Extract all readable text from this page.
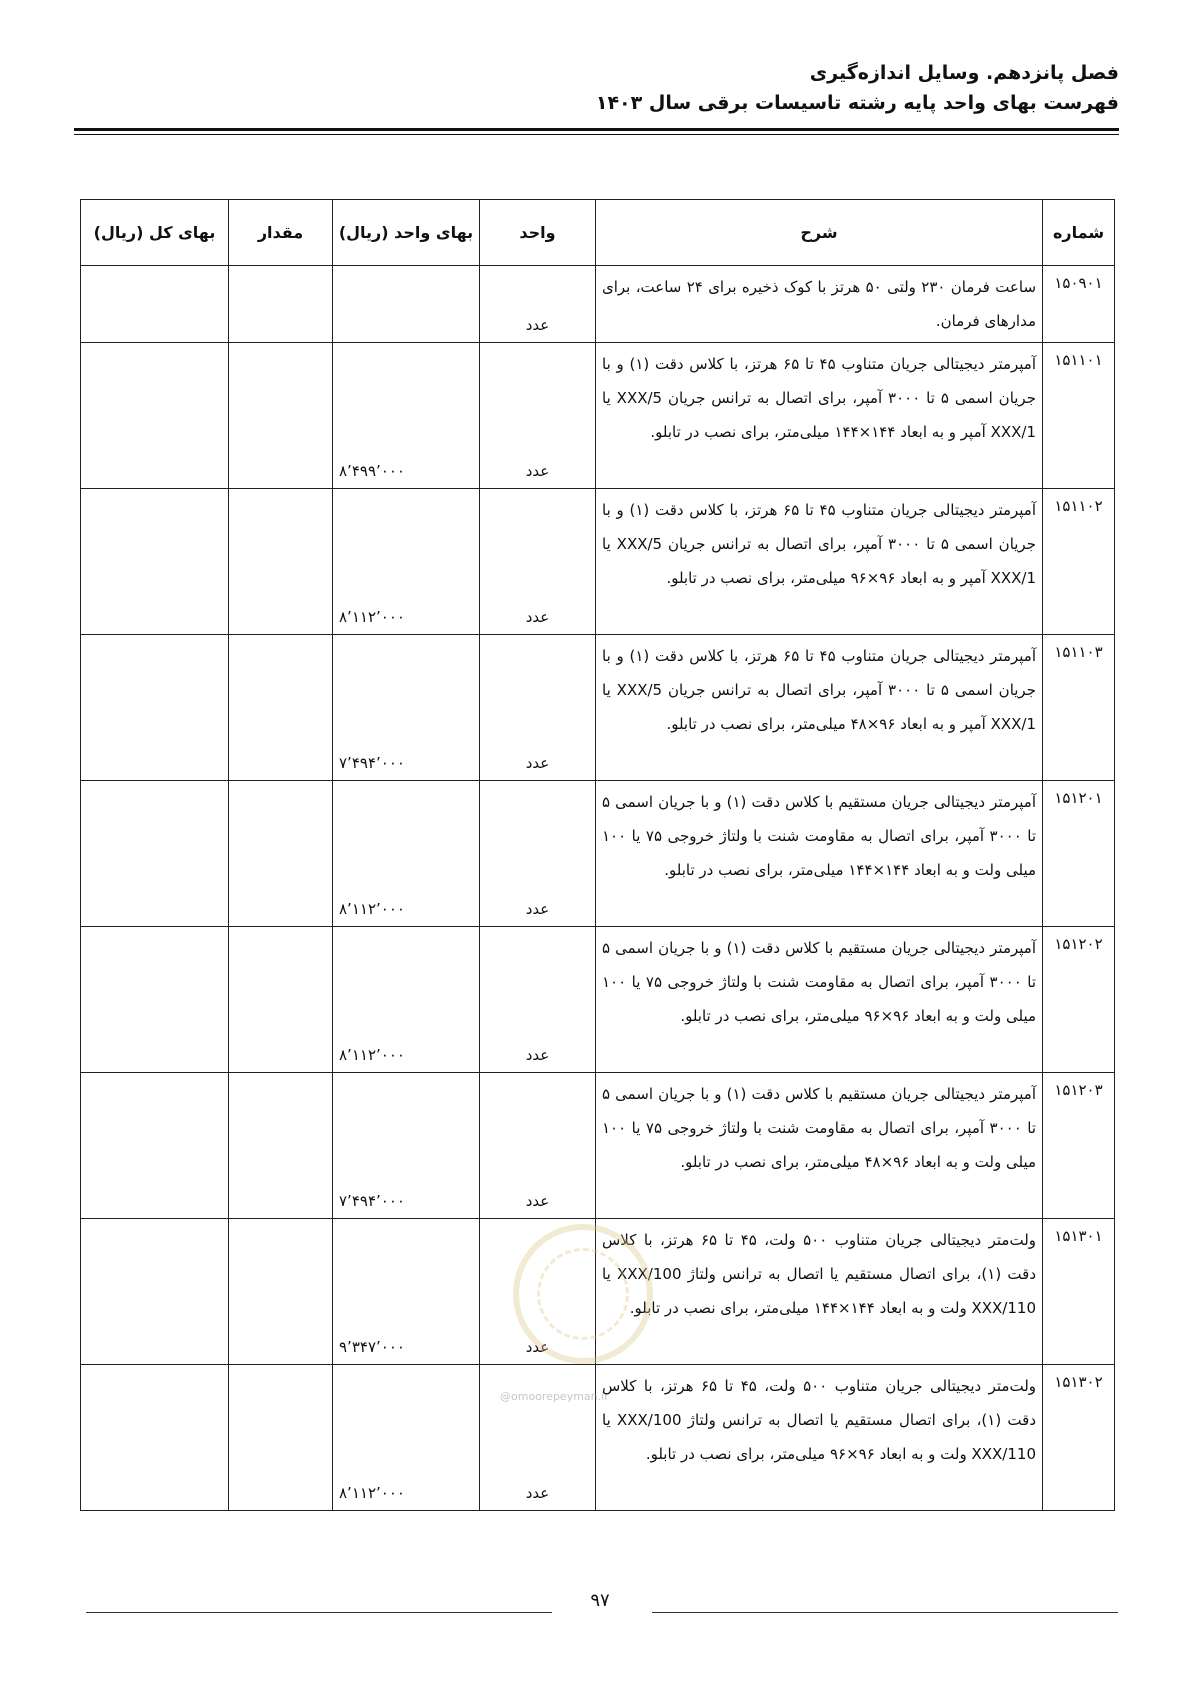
فصل پانزدهم. وسایل اندازه‌گیری
فهرست بهای واحد پایه رشته تاسیسات برقی سال ۱۴۰۳
شماره	شرح	واحد	بهای واحد (ریال)	مقدار	بهای کل (ریال)
۱۵۰۹۰۱	ساعت فرمان ۲۳۰ ولتی ۵۰ هرتز با کوک ذخیره برای ۲۴ ساعت، برای مدارهای فرمان.	عدد			
۱۵۱۱۰۱	آمپرمتر دیجیتالی جریان متناوب ۴۵ تا ۶۵ هرتز، با کلاس دقت (۱) و با جریان اسمی ۵ تا ۳۰۰۰ آمپر، برای اتصال به ترانس جریان XXX/5 یا XXX/1 آمپر و به ابعاد ۱۴۴×۱۴۴ میلی‌متر، برای نصب در تابلو.	عدد	۸٬۴۹۹٬۰۰۰		
۱۵۱۱۰۲	آمپرمتر دیجیتالی جریان متناوب ۴۵ تا ۶۵ هرتز، با کلاس دقت (۱) و با جریان اسمی ۵ تا ۳۰۰۰ آمپر، برای اتصال به ترانس جریان XXX/5 یا XXX/1 آمپر و به ابعاد ۹۶×۹۶ میلی‌متر، برای نصب در تابلو.	عدد	۸٬۱۱۲٬۰۰۰		
۱۵۱۱۰۳	آمپرمتر دیجیتالی جریان متناوب ۴۵ تا ۶۵ هرتز، با کلاس دقت (۱) و با جریان اسمی ۵ تا ۳۰۰۰ آمپر، برای اتصال به ترانس جریان XXX/5 یا XXX/1 آمپر و به ابعاد ۹۶×۴۸ میلی‌متر، برای نصب در تابلو.	عدد	۷٬۴۹۴٬۰۰۰		
۱۵۱۲۰۱	آمپرمتر دیجیتالی جریان مستقیم با کلاس دقت (۱) و با جریان اسمی ۵ تا ۳۰۰۰ آمپر، برای اتصال به مقاومت شنت با ولتاژ خروجی ۷۵ یا ۱۰۰ میلی ولت و به ابعاد ۱۴۴×۱۴۴ میلی‌متر، برای نصب در تابلو.	عدد	۸٬۱۱۲٬۰۰۰		
۱۵۱۲۰۲	آمپرمتر دیجیتالی جریان مستقیم با کلاس دقت (۱) و با جریان اسمی ۵ تا ۳۰۰۰ آمپر، برای اتصال به مقاومت شنت با ولتاژ خروجی ۷۵ یا ۱۰۰ میلی ولت و به ابعاد ۹۶×۹۶ میلی‌متر، برای نصب در تابلو.	عدد	۸٬۱۱۲٬۰۰۰		
۱۵۱۲۰۳	آمپرمتر دیجیتالی جریان مستقیم با کلاس دقت (۱) و با جریان اسمی ۵ تا ۳۰۰۰ آمپر، برای اتصال به مقاومت شنت با ولتاژ خروجی ۷۵ یا ۱۰۰ میلی ولت و به ابعاد ۹۶×۴۸ میلی‌متر، برای نصب در تابلو.	عدد	۷٬۴۹۴٬۰۰۰		
۱۵۱۳۰۱	ولت‌متر دیجیتالی جریان متناوب ۵۰۰ ولت، ۴۵ تا ۶۵ هرتز، با کلاس دقت (۱)، برای اتصال مستقیم یا اتصال به ترانس ولتاژ XXX/100 یا XXX/110 ولت و به ابعاد ۱۴۴×۱۴۴ میلی‌متر، برای نصب در تابلو.	عدد	۹٬۳۴۷٬۰۰۰		
۱۵۱۳۰۲	ولت‌متر دیجیتالی جریان متناوب ۵۰۰ ولت، ۴۵ تا ۶۵ هرتز، با کلاس دقت (۱)، برای اتصال مستقیم یا اتصال به ترانس ولتاژ XXX/100 یا XXX/110 ولت و به ابعاد ۹۶×۹۶ میلی‌متر، برای نصب در تابلو.	عدد	۸٬۱۱۲٬۰۰۰		
@omoorepeyman.ir
۹۷
